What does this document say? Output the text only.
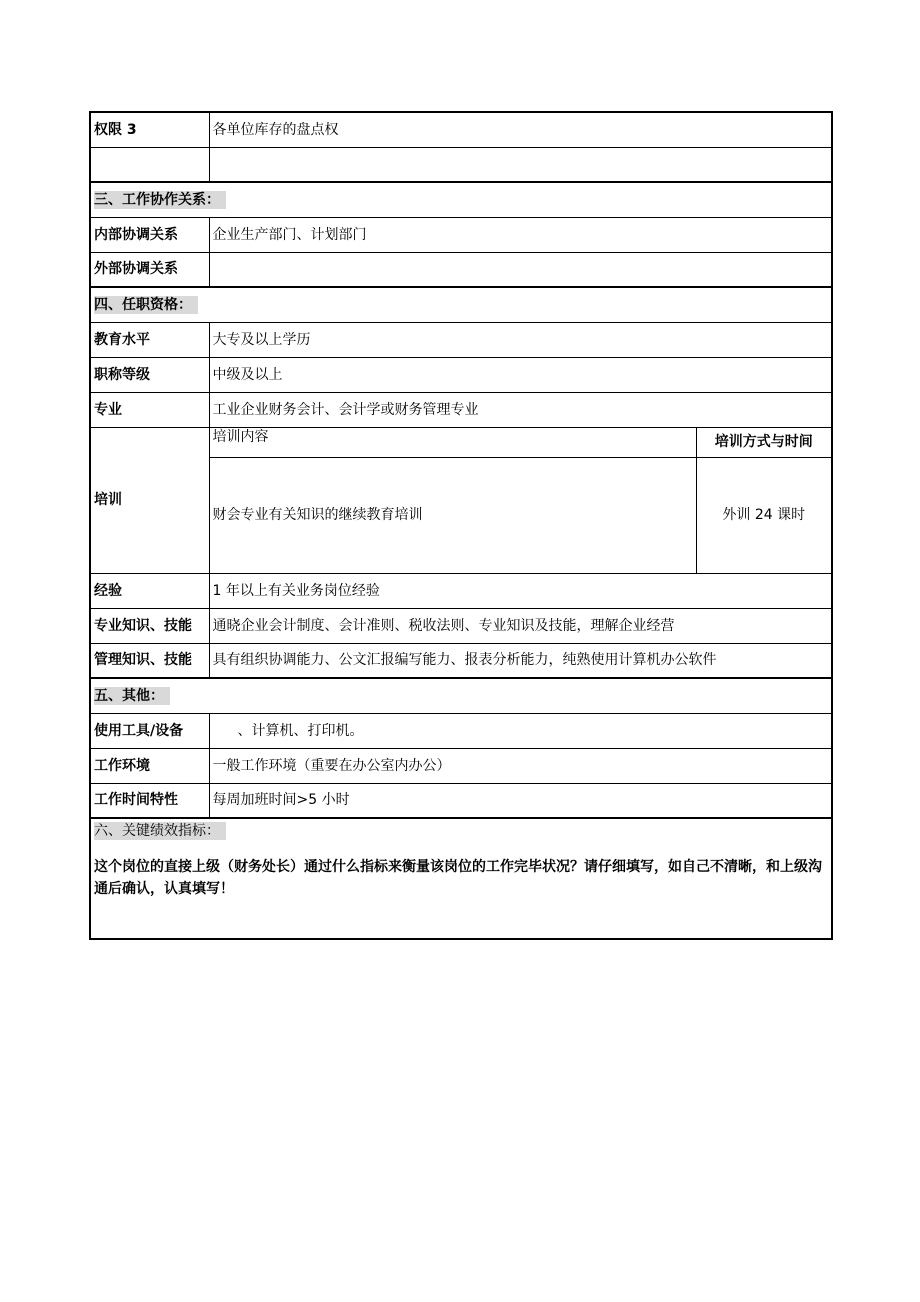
权限 3	各单位库存的盘点权	

三、工作协作关系：		
内部协调关系	企业生产部门、计划部门	
外部协调关系		
四、任职资格：		
教育水平	大专及以上学历	
职称等级	中级及以上	
专业	工业企业财务会计、会计学或财务管理专业	
培训	培训内容	培训方式与时间
	财会专业有关知识的继续教育培训	外训 24 课时
经验	1 年以上有关业务岗位经验	
专业知识、技能	通晓企业会计制度、会计准则、税收法则、专业知识及技能，理解企业经营	
管理知识、技能	具有组织协调能力、公文汇报编写能力、报表分析能力，纯熟使用计算机办公软件	
五、其他：		
使用工具/设备	、计算机、打印机。	
工作环境	一般工作环境（重要在办公室内办公）	
工作时间特性	每周加班时间>5 小时	

六、关键绩效指标：
这个岗位的直接上级（财务处长）通过什么指标来衡量该岗位的工作完毕状况？请仔细填写，如自己不清晰，和上级沟通后确认，认真填写！		
